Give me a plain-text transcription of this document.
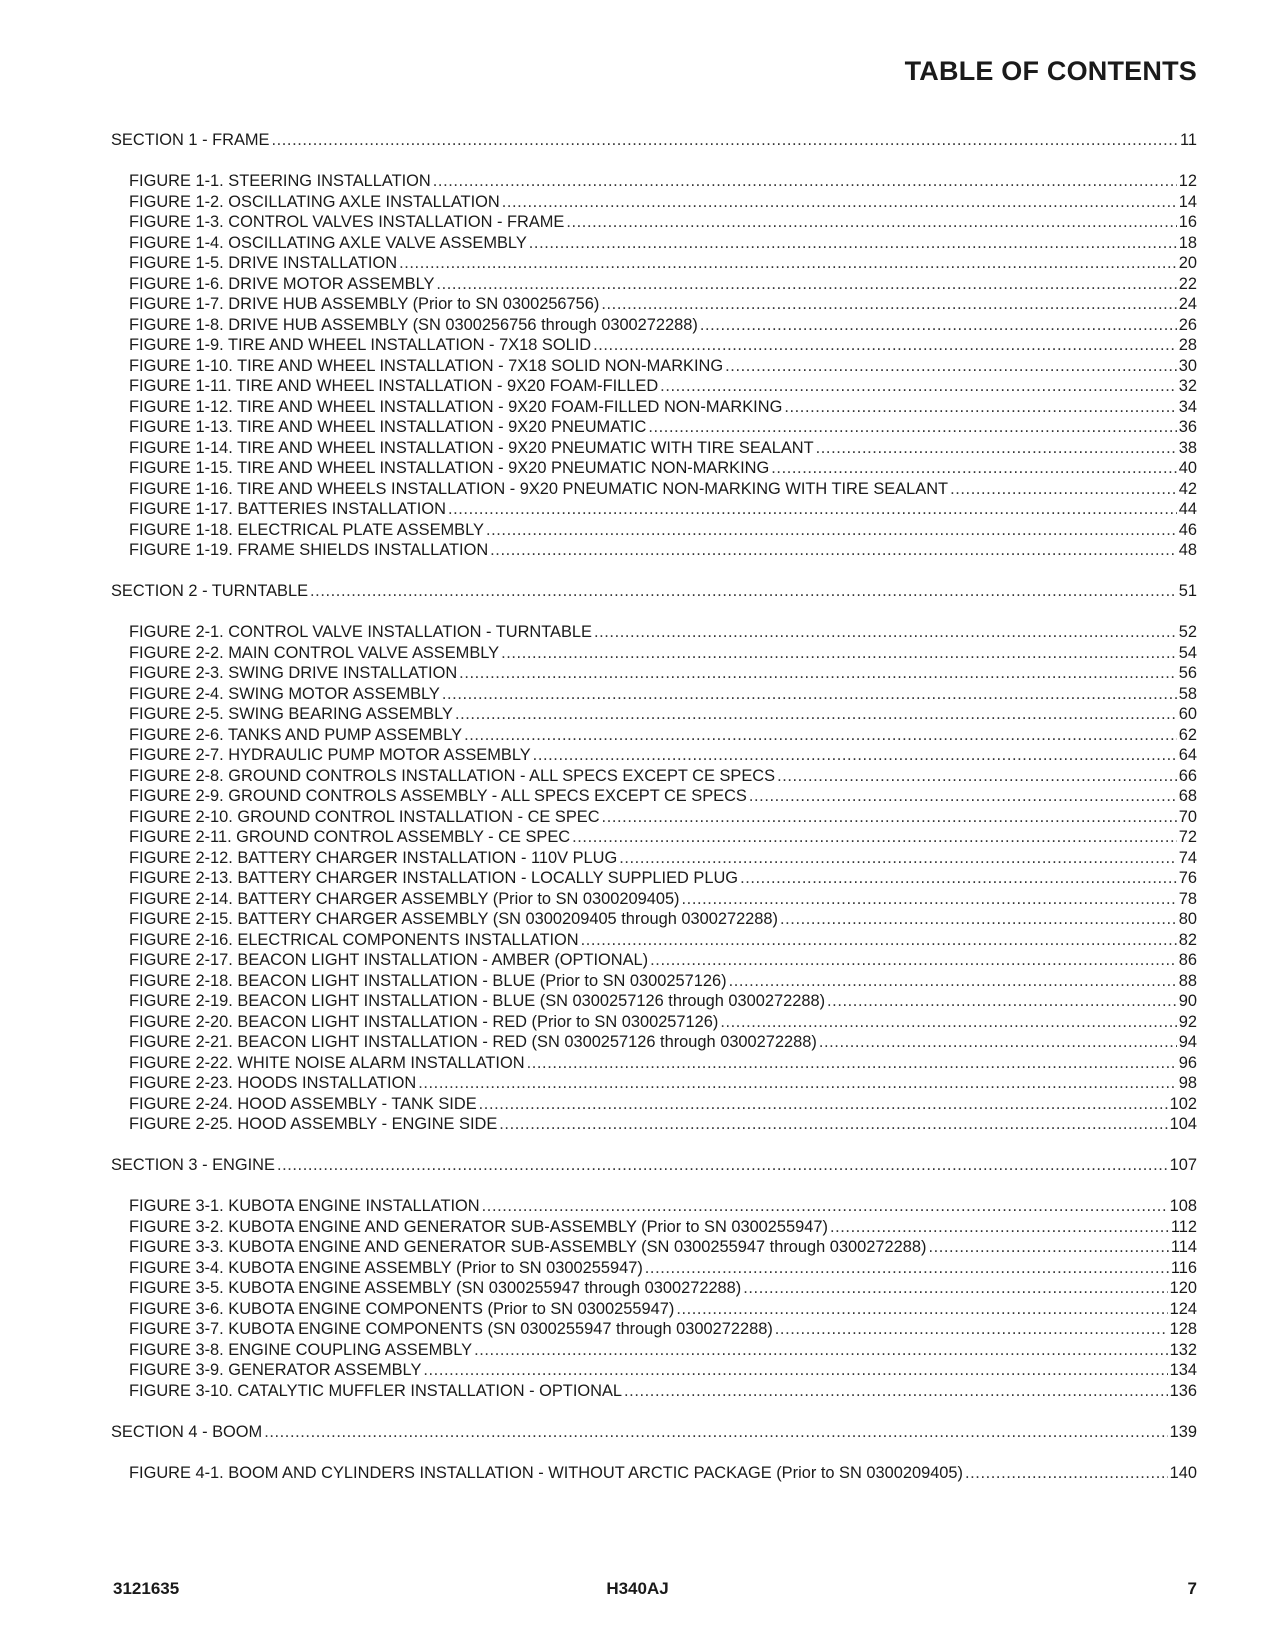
TABLE OF CONTENTS
SECTION 1 - FRAME .....	11
FIGURE 1-1. STEERING INSTALLATION .....	12
FIGURE 1-2. OSCILLATING AXLE INSTALLATION .....	14
FIGURE 1-3. CONTROL VALVES INSTALLATION - FRAME .....	16
FIGURE 1-4. OSCILLATING AXLE VALVE ASSEMBLY .....	18
FIGURE 1-5. DRIVE INSTALLATION .....	20
FIGURE 1-6. DRIVE MOTOR ASSEMBLY .....	22
FIGURE 1-7. DRIVE HUB ASSEMBLY (Prior to SN 0300256756) .....	24
FIGURE 1-8. DRIVE HUB ASSEMBLY (SN 0300256756 through 0300272288) .....	26
FIGURE 1-9. TIRE AND WHEEL INSTALLATION - 7X18 SOLID .....	28
FIGURE 1-10. TIRE AND WHEEL INSTALLATION - 7X18 SOLID NON-MARKING .....	30
FIGURE 1-11. TIRE AND WHEEL INSTALLATION - 9X20 FOAM-FILLED .....	32
FIGURE 1-12. TIRE AND WHEEL INSTALLATION - 9X20 FOAM-FILLED NON-MARKING .....	34
FIGURE 1-13. TIRE AND WHEEL INSTALLATION - 9X20 PNEUMATIC .....	36
FIGURE 1-14. TIRE AND WHEEL INSTALLATION - 9X20 PNEUMATIC WITH TIRE SEALANT .....	38
FIGURE 1-15. TIRE AND WHEEL INSTALLATION - 9X20 PNEUMATIC NON-MARKING .....	40
FIGURE 1-16. TIRE AND WHEELS INSTALLATION - 9X20 PNEUMATIC NON-MARKING WITH TIRE SEALANT .....	42
FIGURE 1-17. BATTERIES INSTALLATION .....	44
FIGURE 1-18. ELECTRICAL PLATE ASSEMBLY .....	46
FIGURE 1-19. FRAME SHIELDS INSTALLATION .....	48
SECTION 2 - TURNTABLE .....	51
FIGURE 2-1. CONTROL VALVE INSTALLATION - TURNTABLE .....	52
FIGURE 2-2. MAIN CONTROL VALVE ASSEMBLY .....	54
FIGURE 2-3. SWING DRIVE INSTALLATION .....	56
FIGURE 2-4. SWING MOTOR ASSEMBLY .....	58
FIGURE 2-5. SWING BEARING ASSEMBLY .....	60
FIGURE 2-6. TANKS AND PUMP ASSEMBLY .....	62
FIGURE 2-7. HYDRAULIC PUMP MOTOR ASSEMBLY .....	64
FIGURE 2-8. GROUND CONTROLS INSTALLATION - ALL SPECS EXCEPT CE SPECS .....	66
FIGURE 2-9. GROUND CONTROLS ASSEMBLY - ALL SPECS EXCEPT CE SPECS .....	68
FIGURE 2-10. GROUND CONTROL INSTALLATION - CE SPEC .....	70
FIGURE 2-11. GROUND CONTROL ASSEMBLY - CE SPEC .....	72
FIGURE 2-12. BATTERY CHARGER INSTALLATION - 110V PLUG .....	74
FIGURE 2-13. BATTERY CHARGER INSTALLATION - LOCALLY SUPPLIED PLUG .....	76
FIGURE 2-14. BATTERY CHARGER ASSEMBLY (Prior to SN 0300209405) .....	78
FIGURE 2-15. BATTERY CHARGER ASSEMBLY (SN 0300209405 through 0300272288) .....	80
FIGURE 2-16. ELECTRICAL COMPONENTS INSTALLATION .....	82
FIGURE 2-17. BEACON LIGHT INSTALLATION - AMBER (OPTIONAL) .....	86
FIGURE 2-18. BEACON LIGHT INSTALLATION - BLUE (Prior to SN 0300257126) .....	88
FIGURE 2-19. BEACON LIGHT INSTALLATION - BLUE (SN 0300257126 through 0300272288) .....	90
FIGURE 2-20. BEACON LIGHT INSTALLATION - RED (Prior to SN 0300257126) .....	92
FIGURE 2-21. BEACON LIGHT INSTALLATION - RED (SN 0300257126 through 0300272288) .....	94
FIGURE 2-22. WHITE NOISE ALARM INSTALLATION .....	96
FIGURE 2-23. HOODS INSTALLATION .....	98
FIGURE 2-24. HOOD ASSEMBLY - TANK SIDE .....	102
FIGURE 2-25. HOOD ASSEMBLY - ENGINE SIDE .....	104
SECTION 3 - ENGINE .....	107
FIGURE 3-1. KUBOTA ENGINE INSTALLATION .....	108
FIGURE 3-2. KUBOTA ENGINE AND GENERATOR SUB-ASSEMBLY (Prior to SN 0300255947) .....	112
FIGURE 3-3. KUBOTA ENGINE AND GENERATOR SUB-ASSEMBLY (SN 0300255947 through 0300272288) .....	114
FIGURE 3-4. KUBOTA ENGINE ASSEMBLY (Prior to SN 0300255947) .....	116
FIGURE 3-5. KUBOTA ENGINE ASSEMBLY (SN 0300255947 through 0300272288) .....	120
FIGURE 3-6. KUBOTA ENGINE COMPONENTS (Prior to SN 0300255947) .....	124
FIGURE 3-7. KUBOTA ENGINE COMPONENTS (SN 0300255947 through 0300272288) .....	128
FIGURE 3-8. ENGINE COUPLING ASSEMBLY .....	132
FIGURE 3-9. GENERATOR ASSEMBLY .....	134
FIGURE 3-10. CATALYTIC MUFFLER INSTALLATION - OPTIONAL .....	136
SECTION 4 - BOOM .....	139
FIGURE 4-1. BOOM AND CYLINDERS INSTALLATION - WITHOUT ARCTIC PACKAGE (Prior to SN 0300209405) .....	140
3121635	H340AJ	7
